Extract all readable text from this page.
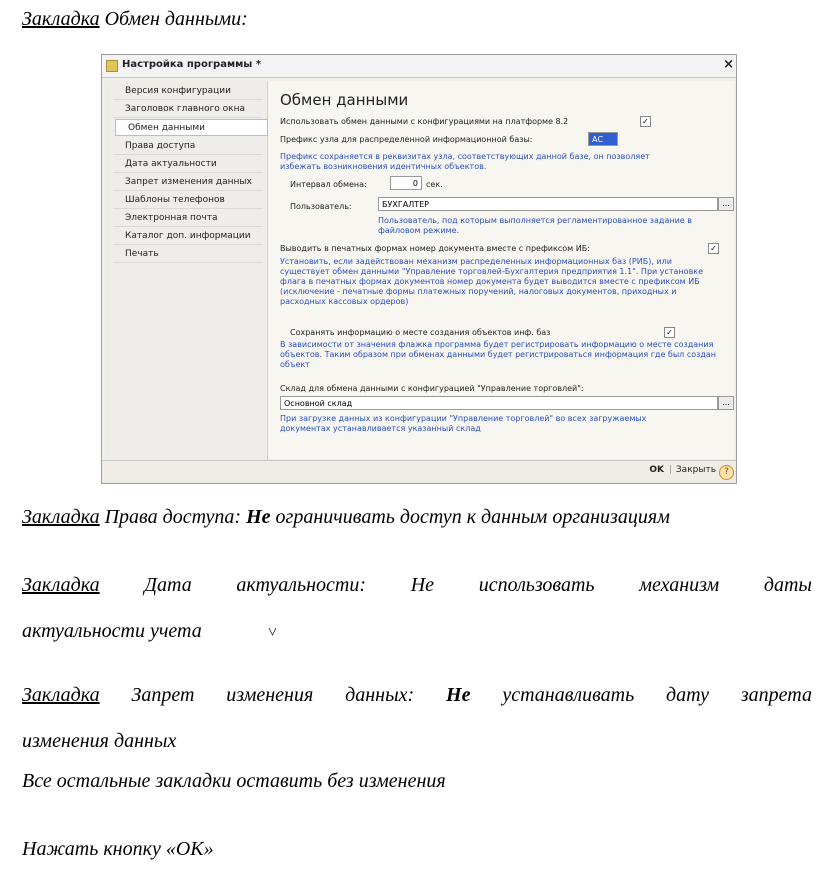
Закладка Обмен данными:
Настройка программы *	×
Версия конфигурации
Заголовок главного окна
Обмен данными
Права доступа
Дата актуальности
Запрет изменения данных
Шаблоны телефонов
Электронная почта
Каталог доп. информации
Печать
Обмен данными
Использовать обмен данными с конфигурациями на платформе 8.2	✓
Префикс узла для распределенной информационной базы:	АС
Префикс сохраняется в реквизитах узла, соответствующих данной базе, он позволяет избежать возникновения идентичных объектов.
Интервал обмена:	0	сек.
Пользователь:	БУХГАЛТЕР	...
Пользователь, под которым выполняется регламентированное задание в файловом режиме.
Выводить в печатных формах номер документа вместе с префиксом ИБ:	✓
Установить, если задействован механизм распределенных информационных баз (РИБ), или существует обмен данными "Управление торговлей-Бухгалтерия предприятия 1.1". При установке флага в печатных формах документов номер документа будет выводится вместе с префиксом ИБ (исключение - печатные формы платежных поручений, налоговых документов, приходных и расходных кассовых ордеров)
Сохранять информацию о месте создания объектов инф. баз	✓
В зависимости от значения флажка программа будет регистрировать информацию о месте создания объектов. Таким образом при обменах данными будет регистрироваться информация где был создан объект
Склад для обмена данными с конфигурацией "Управление торговлей":
Основной склад	...
При загрузке данных из конфигурации "Управление торговлей" во всех загружаемых документах устанавливается указанный склад
OK | Закрыть ?
Закладка Права доступа: Не ограничивать доступ к данным организациям
Закладка Дата актуальности: Не использовать механизм даты
актуальности учета	˅
Закладка Запрет изменения данных: Не устанавливать дату запрета
изменения данных
Все остальные закладки оставить без изменения
Нажать кнопку «ОК»
